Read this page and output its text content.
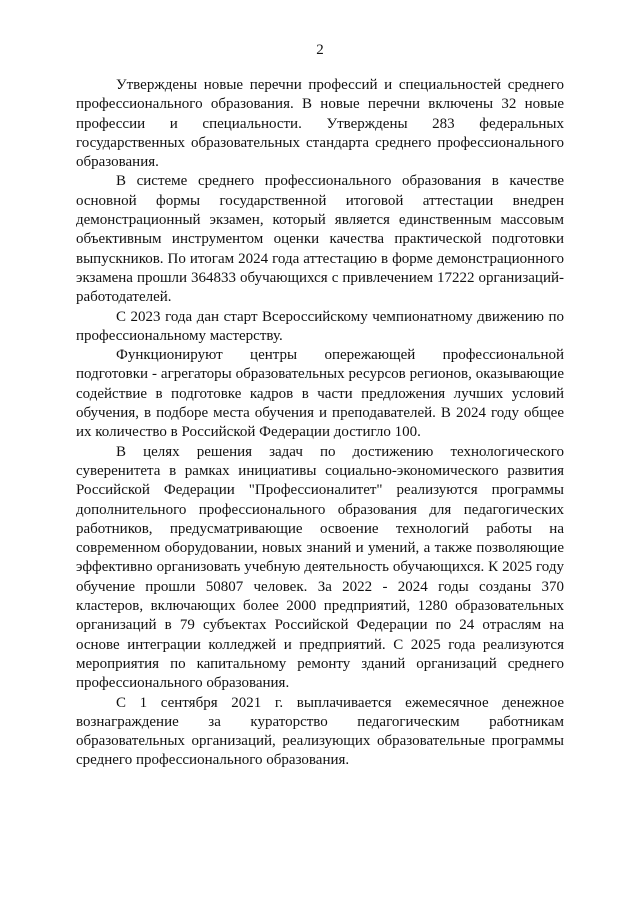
2

Утверждены новые перечни профессий и специальностей среднего профессионального образования. В новые перечни включены 32 новые профессии и специальности. Утверждены 283 федеральных государственных образовательных стандарта среднего профессионального образования.

В системе среднего профессионального образования в качестве основной формы государственной итоговой аттестации внедрен демонстрационный экзамен, который является единственным массовым объективным инструментом оценки качества практической подготовки выпускников. По итогам 2024 года аттестацию в форме демонстрационного экзамена прошли 364833 обучающихся с привлечением 17222 организаций-работодателей.

С 2023 года дан старт Всероссийскому чемпионатному движению по профессиональному мастерству.

Функционируют центры опережающей профессиональной подготовки - агрегаторы образовательных ресурсов регионов, оказывающие содействие в подготовке кадров в части предложения лучших условий обучения, в подборе места обучения и преподавателей. В 2024 году общее их количество в Российской Федерации достигло 100.

В целях решения задач по достижению технологического суверенитета в рамках инициативы социально-экономического развития Российской Федерации "Профессионалитет" реализуются программы дополнительного профессионального образования для педагогических работников, предусматривающие освоение технологий работы на современном оборудовании, новых знаний и умений, а также позволяющие эффективно организовать учебную деятельность обучающихся. К 2025 году обучение прошли 50807 человек. За 2022 - 2024 годы созданы 370 кластеров, включающих более 2000 предприятий, 1280 образовательных организаций в 79 субъектах Российской Федерации по 24 отраслям на основе интеграции колледжей и предприятий. С 2025 года реализуются мероприятия по капитальному ремонту зданий организаций среднего профессионального образования.

С 1 сентября 2021 г. выплачивается ежемесячное денежное вознаграждение за кураторство педагогическим работникам образовательных организаций, реализующих образовательные программы среднего профессионального образования.
